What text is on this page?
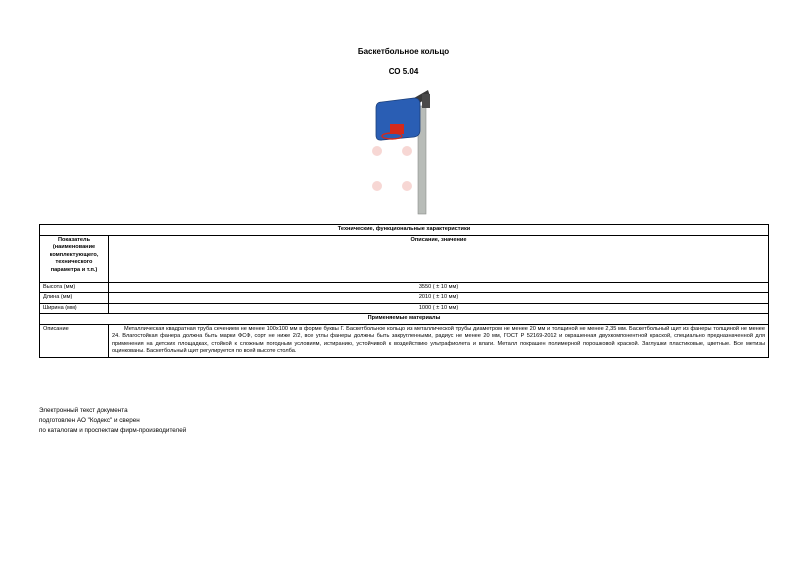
Баскетбольное кольцо
СО 5.04
Технические, функциональные характеристики	
Показатель (наименование комплектующего, технического параметра и т.п.)	Описание, значение
Высота (мм)	3550 ( ± 10 мм)
Длина (мм)	2010 ( ± 10 мм)
Ширина (мм)	1000 ( ± 10 мм)
Применяемые материалы	
Описание	Металлическая квадратная труба сечением не менее 100х100 мм в форме буквы Г. Баскетбольное кольцо из металлической трубы диаметром не менее 20 мм и толщиной не менее 2,35 мм. Баскетбольный щит из фанеры толщиной не менее 24. Влагостойкая фанера должна быть марки ФСФ, сорт не ниже 2/2, все углы фанеры должны быть закругленными, радиус не менее 20 мм, ГОСТ Р 52169-2012 и окрашенная двухкомпонентной краской, специально предназначенной для применения на детских площадках, стойкой к сложным погодным условиям, истиранию, устойчивой к воздействию ультрафиолета и влаги. Металл покрашен полимерной порошковой краской. Заглушки пластиковые, цветные. Все метизы оцинкованы. Баскетбольный щит регулируется по всей высоте столба.
Электронный текст документа
подготовлен АО "Кодекс" и сверен
по каталогам и проспектам фирм-производителей
